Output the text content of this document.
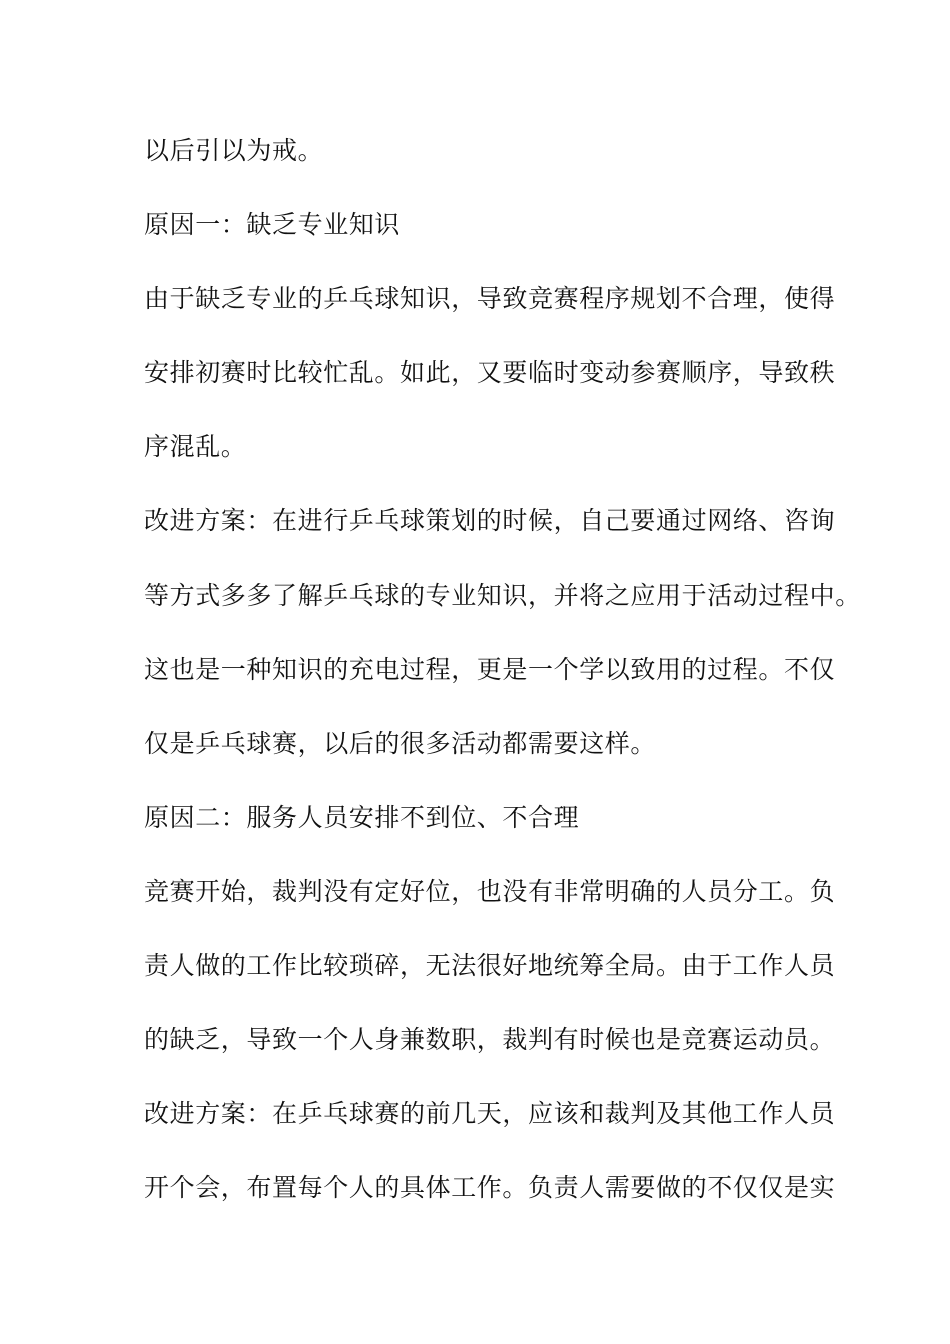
以后引以为戒。
原因一：缺乏专业知识
由于缺乏专业的乒乓球知识，导致竞赛程序规划不合理，使得
安排初赛时比较忙乱。如此，又要临时变动参赛顺序，导致秩
序混乱。
改进方案：在进行乒乓球策划的时候，自己要通过网络、咨询
等方式多多了解乒乓球的专业知识，并将之应用于活动过程中。
这也是一种知识的充电过程，更是一个学以致用的过程。不仅
仅是乒乓球赛，以后的很多活动都需要这样。
原因二：服务人员安排不到位、不合理
竞赛开始，裁判没有定好位，也没有非常明确的人员分工。负
责人做的工作比较琐碎，无法很好地统筹全局。由于工作人员
的缺乏，导致一个人身兼数职，裁判有时候也是竞赛运动员。
改进方案：在乒乓球赛的前几天，应该和裁判及其他工作人员
开个会，布置每个人的具体工作。负责人需要做的不仅仅是实
